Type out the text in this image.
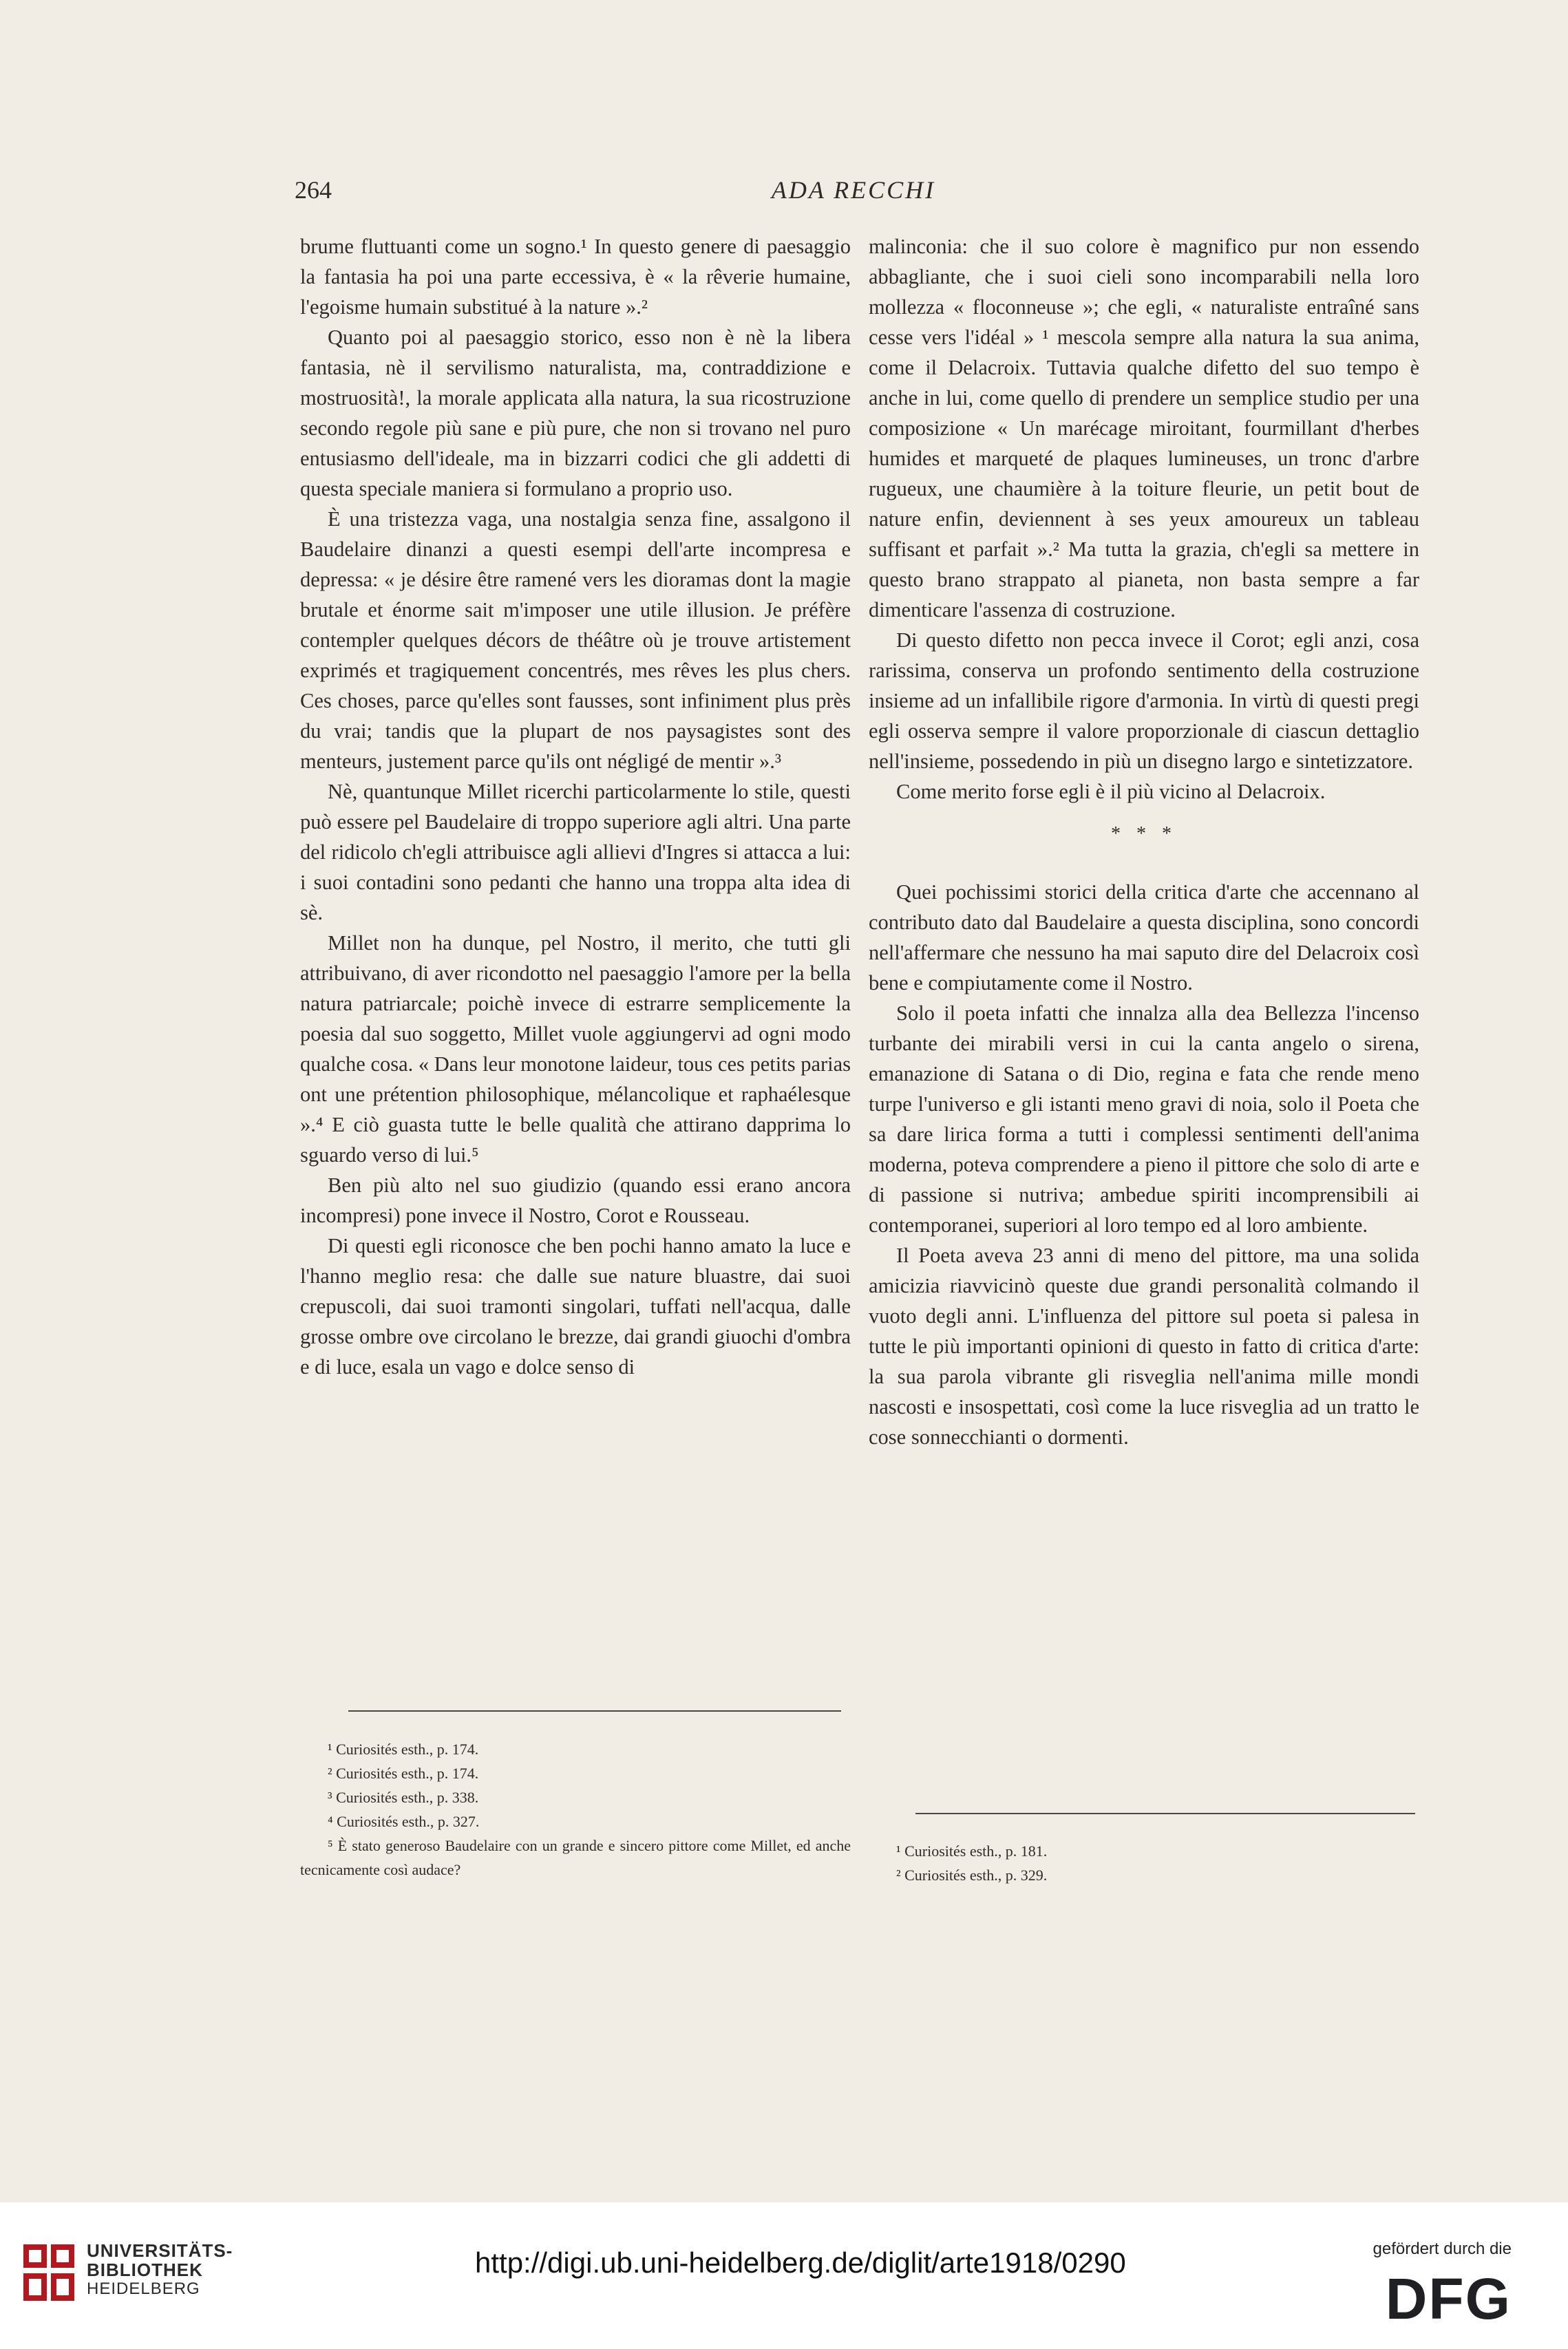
264	ADA RECCHI

brume fluttuanti come un sogno.¹ In questo genere di paesaggio la fantasia ha poi una parte eccessiva, è « la rêverie humaine, l'egoisme humain substitué à la nature ».²

Quanto poi al paesaggio storico, esso non è nè la libera fantasia, nè il servilismo naturalista, ma, contraddizione e mostruosità!, la morale applicata alla natura, la sua ricostruzione secondo regole più sane e più pure, che non si trovano nel puro entusiasmo dell'ideale, ma in bizzarri codici che gli addetti di questa speciale maniera si formulano a proprio uso.

È una tristezza vaga, una nostalgia senza fine, assalgono il Baudelaire dinanzi a questi esempi dell'arte incompresa e depressa: « je désire être ramené vers les dioramas dont la magie brutale et énorme sait m'imposer une utile illusion. Je préfère contempler quelques décors de théâtre où je trouve artistement exprimés et tragiquement concentrés, mes rêves les plus chers. Ces choses, parce qu'elles sont fausses, sont infiniment plus près du vrai; tandis que la plupart de nos paysagistes sont des menteurs, justement parce qu'ils ont négligé de mentir ».³

Nè, quantunque Millet ricerchi particolarmente lo stile, questi può essere pel Baudelaire di troppo superiore agli altri. Una parte del ridicolo ch'egli attribuisce agli allievi d'Ingres si attacca a lui: i suoi contadini sono pedanti che hanno una troppa alta idea di sè.

Millet non ha dunque, pel Nostro, il merito, che tutti gli attribuivano, di aver ricondotto nel paesaggio l'amore per la bella natura patriarcale; poichè invece di estrarre semplicemente la poesia dal suo soggetto, Millet vuole aggiungervi ad ogni modo qualche cosa. « Dans leur monotone laideur, tous ces petits parias ont une prétention philosophique, mélancolique et raphaélesque ».⁴ E ciò guasta tutte le belle qualità che attirano dapprima lo sguardo verso di lui.⁵

Ben più alto nel suo giudizio (quando essi erano ancora incompresi) pone invece il Nostro, Corot e Rousseau.

Di questi egli riconosce che ben pochi hanno amato la luce e l'hanno meglio resa: che dalle sue nature bluastre, dai suoi crepuscoli, dai suoi tramonti singolari, tuffati nell'acqua, dalle grosse ombre ove circolano le brezze, dai grandi giuochi d'ombra e di luce, esala un vago e dolce senso di

malinconia: che il suo colore è magnifico pur non essendo abbagliante, che i suoi cieli sono incomparabili nella loro mollezza « floconneuse »; che egli, « naturaliste entraîné sans cesse vers l'idéal » ¹ mescola sempre alla natura la sua anima, come il Delacroix. Tuttavia qualche difetto del suo tempo è anche in lui, come quello di prendere un semplice studio per una composizione « Un marécage miroitant, fourmillant d'herbes humides et marqueté de plaques lumineuses, un tronc d'arbre rugueux, une chaumière à la toiture fleurie, un petit bout de nature enfin, deviennent à ses yeux amoureux un tableau suffisant et parfait ».² Ma tutta la grazia, ch'egli sa mettere in questo brano strappato al pianeta, non basta sempre a far dimenticare l'assenza di costruzione.

Di questo difetto non pecca invece il Corot; egli anzi, cosa rarissima, conserva un profondo sentimento della costruzione insieme ad un infallibile rigore d'armonia. In virtù di questi pregi egli osserva sempre il valore proporzionale di ciascun dettaglio nell'insieme, possedendo in più un disegno largo e sintetizzatore.

Come merito forse egli è il più vicino al Delacroix.

* * *

Quei pochissimi storici della critica d'arte che accennano al contributo dato dal Baudelaire a questa disciplina, sono concordi nell'affermare che nessuno ha mai saputo dire del Delacroix così bene e compiutamente come il Nostro.

Solo il poeta infatti che innalza alla dea Bellezza l'incenso turbante dei mirabili versi in cui la canta angelo o sirena, emanazione di Satana o di Dio, regina e fata che rende meno turpe l'universo e gli istanti meno gravi di noia, solo il Poeta che sa dare lirica forma a tutti i complessi sentimenti dell'anima moderna, poteva comprendere a pieno il pittore che solo di arte e di passione si nutriva; ambedue spiriti incomprensibili ai contemporanei, superiori al loro tempo ed al loro ambiente.

Il Poeta aveva 23 anni di meno del pittore, ma una solida amicizia riavvicinò queste due grandi personalità colmando il vuoto degli anni. L'influenza del pittore sul poeta si palesa in tutte le più importanti opinioni di questo in fatto di critica d'arte: la sua parola vibrante gli risveglia nell'anima mille mondi nascosti e insospettati, così come la luce risveglia ad un tratto le cose sonnecchianti o dormenti.

¹ Curiosités esth., p. 174.
² Curiosités esth., p. 174.
³ Curiosités esth., p. 338.
⁴ Curiosités esth., p. 327.
⁵ È stato generoso Baudelaire con un grande e sincero pittore come Millet, ed anche tecnicamente così audace?
¹ Curiosités esth., p. 181.
² Curiosités esth., p. 329.
UNIVERSITÄTS-
BIBLIOTHEK
HEIDELBERG
http://digi.ub.uni-heidelberg.de/diglit/arte1918/0290	gefördert durch die
DFG
